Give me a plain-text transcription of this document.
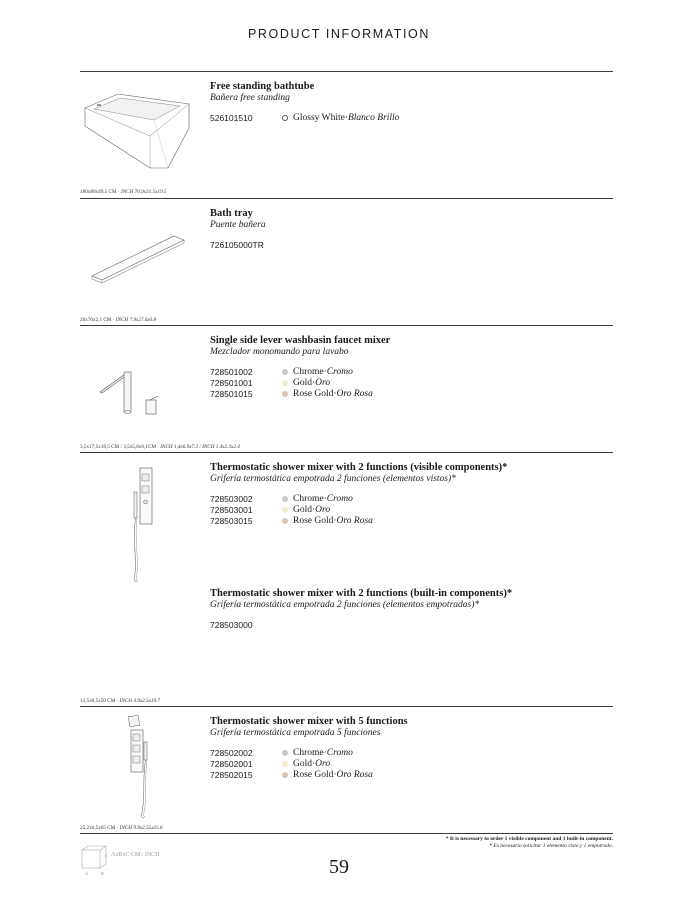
PRODUCT INFORMATION
180x80x49,5 CM · INCH 70.9x31.5x19.5
Free standing bathtube
Bañera free standing
526101510	Glossy White · Blanco Brillo
20x70x2,1 CM · INCH 7.9x27.6x0.8
Bath tray
Puente bañera
726105000TR
3,5x17,5x18,5 CM / 3,5x5,8x6,1CM · INCH 1,4x6.9x7.3 / INCH 1.4x2.3x2.4
Single side lever washbasin faucet mixer
Mezclador monomando para lavabo
728501002	Chrome · Cromo
728501001	Gold · Oro
728501015	Rose Gold · Oro Rosa
Thermostatic shower mixer with 2 functions (visible components)*
Grifería termostática empotrada 2 funciones (elementos vistos)*
728503002	Chrome · Cromo
728503001	Gold · Oro
728503015	Rose Gold · Oro Rosa
Thermostatic shower mixer with 2 functions (built-in components)*
Grifería termostática empotrada 2 funciones (elementos empotrados)*
728503000
12,5x6,5x50 CM · INCH 4.9x2.5x19.7
Thermostatic shower mixer with 5 functions
Grifería termostática empotrada 5 funciones
728502002	Chrome · Cromo
728502001	Gold · Oro
728502015	Rose Gold · Oro Rosa
25,2x6,5x65 CM · INCH 9.9x2.55x25.6
* It is necessary to order 1 visible component and 1 built-in component.
* Es necesario solicitar 1 elemento visto y 1 empotrado.
C AxBxC CM / INCH
A	B	59
